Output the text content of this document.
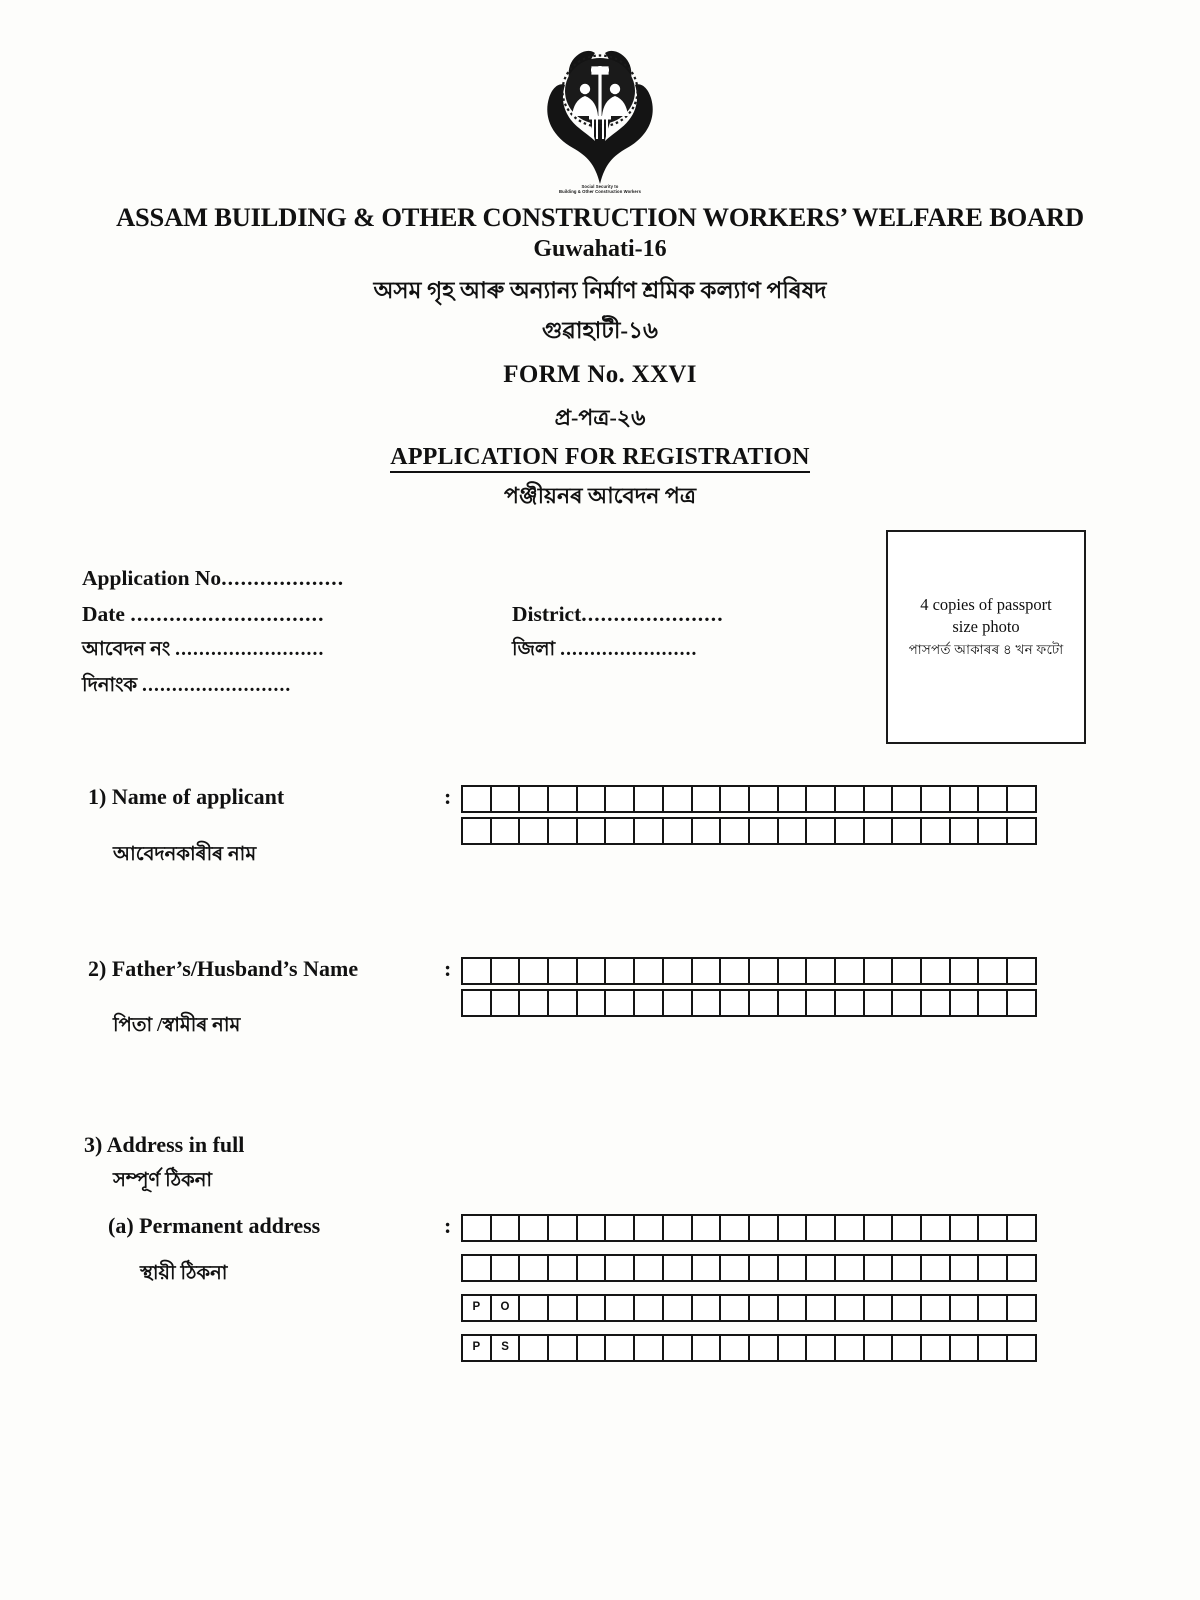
Social Security to
Building & Other Construction Workers
ASSAM BUILDING & OTHER CONSTRUCTION WORKERS’ WELFARE BOARD
Guwahati-16
অসম গৃহ আৰু অন্যান্য নিৰ্মাণ শ্ৰমিক কল্যাণ পৰিষদ
গুৱাহাটী-১৬
FORM No. XXVI
প্ৰ-পত্ৰ-২৬
APPLICATION FOR REGISTRATION
পঞ্জীয়নৰ আবেদন পত্ৰ
Application No...................
Date ..............................
আবেদন নং .........................
দিনাংক .........................
District......................
জিলা .......................
4 copies of passport
size photo
পাসপৰ্ত আকাৰৰ ৪ খন ফটো
1) Name of applicant
আবেদনকাৰীৰ নাম
:
2) Father’s/Husband’s Name
পিতা /স্বামীৰ নাম
:
3) Address in full
সম্পূৰ্ণ ঠিকনা
(a) Permanent address
স্থায়ী ঠিকনা
:
P	O
P	S
